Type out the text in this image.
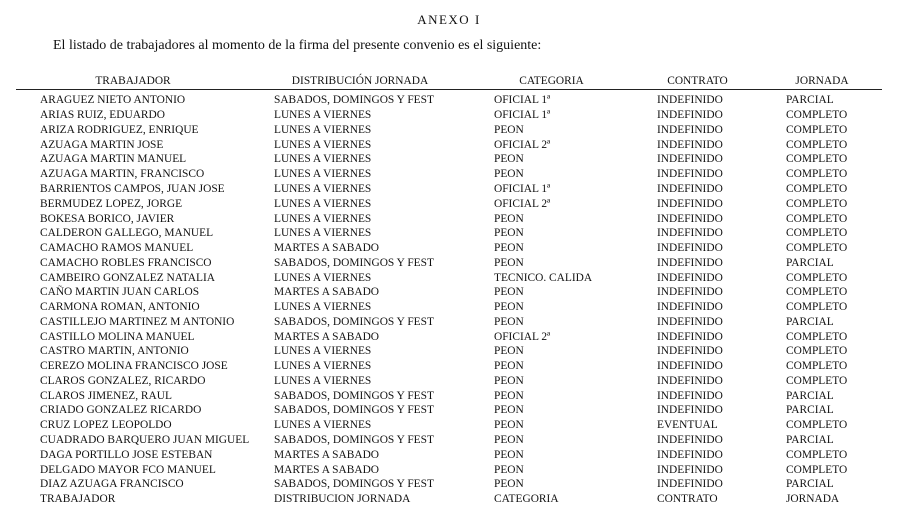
ANEXO I
El listado de trabajadores al momento de la firma del presente convenio es el siguiente:
TRABAJADOR	DISTRIBUCIÓN JORNADA	CATEGORIA	CONTRATO	JORNADA
ARAGUEZ NIETO ANTONIO	SABADOS, DOMINGOS Y FEST	OFICIAL 1ª	INDEFINIDO	PARCIAL
ARIAS RUIZ, EDUARDO	LUNES A VIERNES	OFICIAL 1ª	INDEFINIDO	COMPLETO
ARIZA RODRIGUEZ, ENRIQUE	LUNES A VIERNES	PEON	INDEFINIDO	COMPLETO
AZUAGA MARTIN JOSE	LUNES A VIERNES	OFICIAL 2ª	INDEFINIDO	COMPLETO
AZUAGA MARTIN MANUEL	LUNES A VIERNES	PEON	INDEFINIDO	COMPLETO
AZUAGA MARTIN, FRANCISCO	LUNES A VIERNES	PEON	INDEFINIDO	COMPLETO
BARRIENTOS CAMPOS, JUAN JOSE	LUNES A VIERNES	OFICIAL 1ª	INDEFINIDO	COMPLETO
BERMUDEZ LOPEZ, JORGE	LUNES A VIERNES	OFICIAL 2ª	INDEFINIDO	COMPLETO
BOKESA BORICO, JAVIER	LUNES A VIERNES	PEON	INDEFINIDO	COMPLETO
CALDERON GALLEGO, MANUEL	LUNES A VIERNES	PEON	INDEFINIDO	COMPLETO
CAMACHO RAMOS MANUEL	MARTES A SABADO	PEON	INDEFINIDO	COMPLETO
CAMACHO ROBLES FRANCISCO	SABADOS, DOMINGOS Y FEST	PEON	INDEFINIDO	PARCIAL
CAMBEIRO GONZALEZ NATALIA	LUNES A VIERNES	TECNICO. CALIDA	INDEFINIDO	COMPLETO
CAÑO MARTIN JUAN CARLOS	MARTES A SABADO	PEON	INDEFINIDO	COMPLETO
CARMONA ROMAN, ANTONIO	LUNES A VIERNES	PEON	INDEFINIDO	COMPLETO
CASTILLEJO MARTINEZ M ANTONIO	SABADOS, DOMINGOS Y FEST	PEON	INDEFINIDO	PARCIAL
CASTILLO MOLINA MANUEL	MARTES A SABADO	OFICIAL 2ª	INDEFINIDO	COMPLETO
CASTRO MARTIN, ANTONIO	LUNES A VIERNES	PEON	INDEFINIDO	COMPLETO
CEREZO MOLINA FRANCISCO JOSE	LUNES A VIERNES	PEON	INDEFINIDO	COMPLETO
CLAROS GONZALEZ, RICARDO	LUNES A VIERNES	PEON	INDEFINIDO	COMPLETO
CLAROS JIMENEZ, RAUL	SABADOS, DOMINGOS Y FEST	PEON	INDEFINIDO	PARCIAL
CRIADO GONZALEZ RICARDO	SABADOS, DOMINGOS Y FEST	PEON	INDEFINIDO	PARCIAL
CRUZ LOPEZ LEOPOLDO	LUNES A VIERNES	PEON	EVENTUAL	COMPLETO
CUADRADO BARQUERO JUAN MIGUEL	SABADOS, DOMINGOS Y FEST	PEON	INDEFINIDO	PARCIAL
DAGA PORTILLO JOSE ESTEBAN	MARTES A SABADO	PEON	INDEFINIDO	COMPLETO
DELGADO MAYOR FCO MANUEL	MARTES A SABADO	PEON	INDEFINIDO	COMPLETO
DIAZ AZUAGA FRANCISCO	SABADOS, DOMINGOS Y FEST	PEON	INDEFINIDO	PARCIAL
TRABAJADOR	DISTRIBUCION JORNADA	CATEGORIA	CONTRATO	JORNADA
